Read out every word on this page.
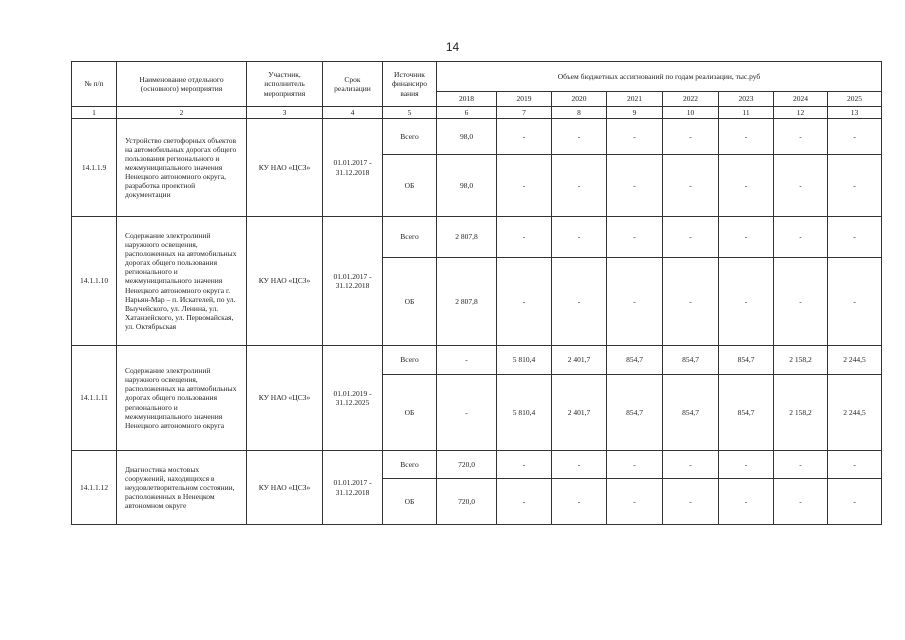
14
№ п/п	Наименование отдельного (основного) мероприятия	Участник, исполнитель мероприятия	Срок реализации	Источник финансиро вания	Объем бюджетных ассигнований по годам реализации, тыс.руб							
					2018	2019	2020	2021	2022	2023	2024	2025
1	2	3	4	5	6	7	8	9	10	11	12	13
14.1.1.9	Устройство светофорных объектов на автомобильных дорогах общего пользования регионального и межмуниципального значения Ненецкого автономного округа, разработка проектной документации	КУ НАО «ЦСЗ»	01.01.2017 - 31.12.2018	Всего	98,0	-	-	-	-	-	-	-
				ОБ	98,0	-	-	-	-	-	-	-
14.1.1.10	Содержание электролиний наружного освещения, расположенных на автомобильных дорогах общего пользования регионального и межмуниципального значения Ненецкого автономного округа г. Нарьян-Мар – п. Искателей, по ул. Выучейского, ул. Ленина, ул. Хатанзейского, ул. Первомайская, ул. Октябрьская	КУ НАО «ЦСЗ»	01.01.2017 - 31.12.2018	Всего	2 807,8	-	-	-	-	-	-	-
				ОБ	2 807,8	-	-	-	-	-	-	-
14.1.1.11	Содержание электролиний наружного освещения, расположенных на автомобильных дорогах общего пользования регионального и межмуниципального значения Ненецкого автономного округа	КУ НАО «ЦСЗ»	01.01.2019 - 31.12.2025	Всего	-	5 810,4	2 401,7	854,7	854,7	854,7	2 158,2	2 244,5
				ОБ	-	5 810,4	2 401,7	854,7	854,7	854,7	2 158,2	2 244,5
14.1.1.12	Диагностика мостовых сооружений, находящихся в неудовлетворительном состоянии, расположенных в Ненецком автономном округе	КУ НАО «ЦСЗ»	01.01.2017 - 31.12.2018	Всего	720,0	-	-	-	-	-	-	-
				ОБ	720,0	-	-	-	-	-	-	-
